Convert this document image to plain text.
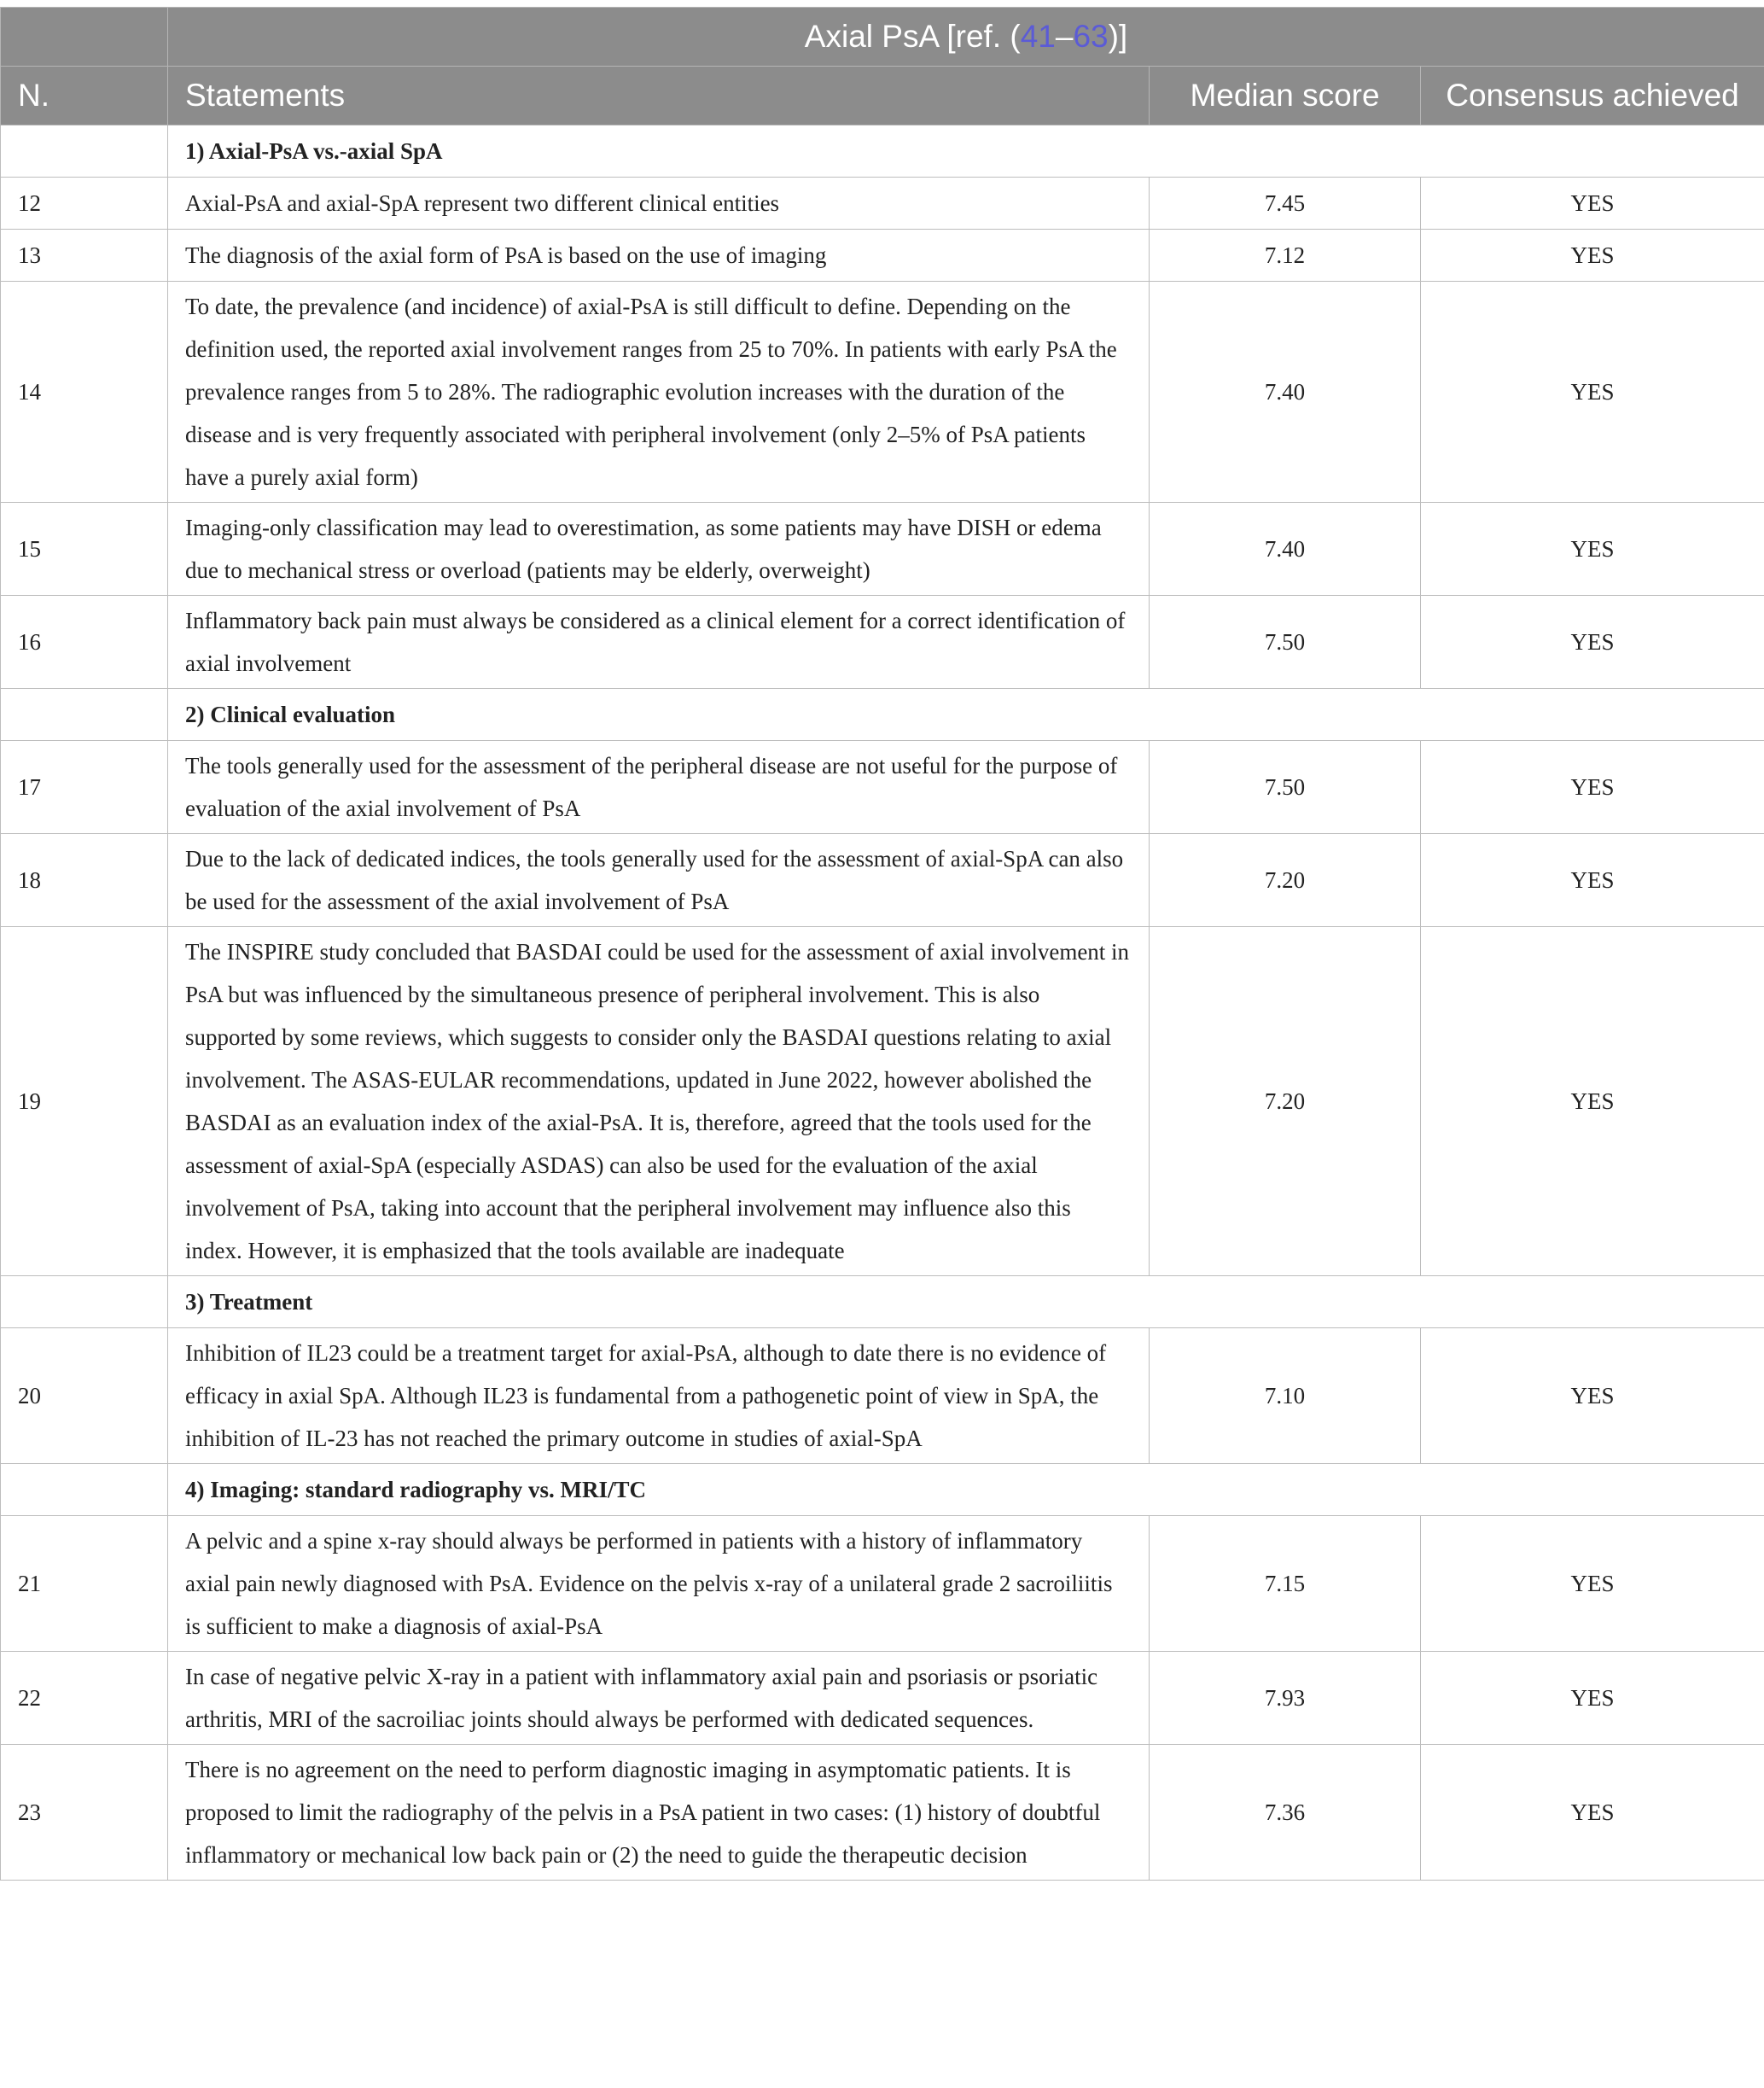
	Axial PsA [ref. (41–63)]		
N.	Statements	Median score	Consensus achieved
	1) Axial-PsA vs.-axial SpA		
12	Axial-PsA and axial-SpA represent two different clinical entities	7.45	YES
13	The diagnosis of the axial form of PsA is based on the use of imaging	7.12	YES
14	To date, the prevalence (and incidence) of axial-PsA is still difficult to define. Depending on the definition used, the reported axial involvement ranges from 25 to 70%. In patients with early PsA the prevalence ranges from 5 to 28%. The radiographic evolution increases with the duration of the disease and is very frequently associated with peripheral involvement (only 2–5% of PsA patients have a purely axial form)	7.40	YES
15	Imaging-only classification may lead to overestimation, as some patients may have DISH or edema due to mechanical stress or overload (patients may be elderly, overweight)	7.40	YES
16	Inflammatory back pain must always be considered as a clinical element for a correct identification of axial involvement	7.50	YES
	2) Clinical evaluation		
17	The tools generally used for the assessment of the peripheral disease are not useful for the purpose of evaluation of the axial involvement of PsA	7.50	YES
18	Due to the lack of dedicated indices, the tools generally used for the assessment of axial-SpA can also be used for the assessment of the axial involvement of PsA	7.20	YES
19	The INSPIRE study concluded that BASDAI could be used for the assessment of axial involvement in PsA but was influenced by the simultaneous presence of peripheral involvement. This is also supported by some reviews, which suggests to consider only the BASDAI questions relating to axial involvement. The ASAS-EULAR recommendations, updated in June 2022, however abolished the BASDAI as an evaluation index of the axial-PsA. It is, therefore, agreed that the tools used for the assessment of axial-SpA (especially ASDAS) can also be used for the evaluation of the axial involvement of PsA, taking into account that the peripheral involvement may influence also this index. However, it is emphasized that the tools available are inadequate	7.20	YES
	3) Treatment		
20	Inhibition of IL23 could be a treatment target for axial-PsA, although to date there is no evidence of efficacy in axial SpA. Although IL23 is fundamental from a pathogenetic point of view in SpA, the inhibition of IL-23 has not reached the primary outcome in studies of axial-SpA	7.10	YES
	4) Imaging: standard radiography vs. MRI/TC		
21	A pelvic and a spine x-ray should always be performed in patients with a history of inflammatory axial pain newly diagnosed with PsA. Evidence on the pelvis x-ray of a unilateral grade 2 sacroiliitis is sufficient to make a diagnosis of axial-PsA	7.15	YES
22	In case of negative pelvic X-ray in a patient with inflammatory axial pain and psoriasis or psoriatic arthritis, MRI of the sacroiliac joints should always be performed with dedicated sequences.	7.93	YES
23	There is no agreement on the need to perform diagnostic imaging in asymptomatic patients. It is proposed to limit the radiography of the pelvis in a PsA patient in two cases: (1) history of doubtful inflammatory or mechanical low back pain or (2) the need to guide the therapeutic decision	7.36	YES
